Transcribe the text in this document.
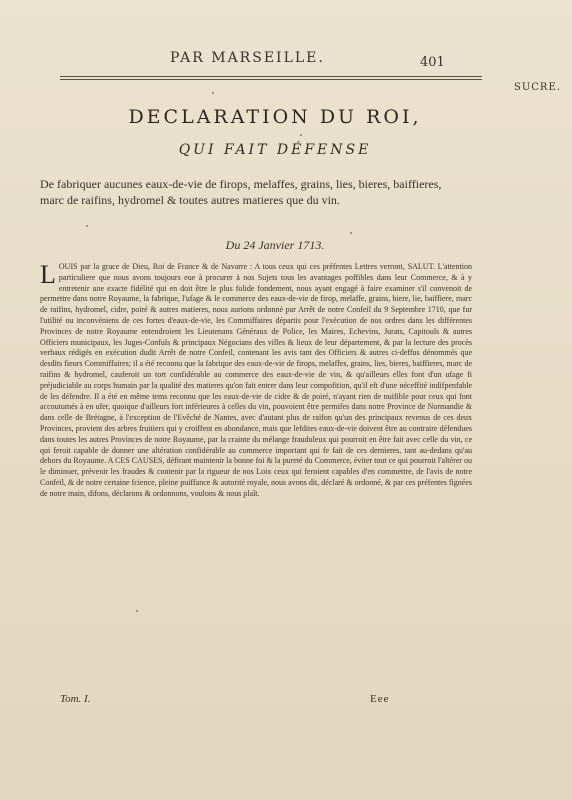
PAR MARSEILLE.	401
SUCRE.
DECLARATION DU ROI,
QUI FAIT DÉFENSE
De fabriquer aucunes eaux-de-vie de firops, melaffes, grains, lies, bieres, baiffieres, marc de raifins, hydromel & toutes autres matieres que du vin.
Du 24 Janvier 1713.
L OUIS par la grace de Dieu, Roi de France & de Navarre : A tous ceux qui ces préfentes Lettres verront, SALUT. L'attention particuliere que nous avons toujours eue à procurer à nos Sujets tous les avantages poffibles dans leur Commerce, & à y entretenir une exacte fidélité qui en doit être le plus folide fondement, nous ayant engagé à faire examiner s'il convenoit de permettre dans notre Royaume, la fabrique, l'ufage & le commerce des eaux-de-vie de firop, melaffe, grains, biere, lie, baiffiere, marc de raifins, hydromel, cidre, poiré & autres matieres, nous aurions ordonné par Arrêt de notre Confeil du 9 Septembre 1710, que fur l'utilité ou inconvéniens de ces fortes d'eaux-de-vie, les Commiffaires départis pour l'exécution de nos ordres dans les différentes Provinces de notre Royaume entendroient les Lieutenans Généraux de Police, les Maires, Echevins, Jurats, Capitouls & autres Officiers municipaux, les Juges-Confuls & principaux Négocians des villes & lieux de leur département, & par la lecture des procès verbaux rédigés en exécution dudit Arrêt de notre Confeil, contenant les avis tant des Officiers & autres ci-deffus dénommés que desdits fieurs Commiffaires; il a été reconnu que la fabrique des eaux-de-vie de firops, melaffes, grains, lies, bieres, baiffieres, marc de raifins & hydromel, cauferoit un tort confidérable au commerce des eaux-de-vie de vin, & qu'ailleurs elles font d'un ufage fi préjudiciable au corps humain par la qualité des matieres qu'on fait entrer dans leur compofition, qu'il eft d'une néceffité indifpenfable de les défendre. Il a été en même tems reconnu que les eaux-de-vie de cidre & de poiré, n'ayant rien de nuifible pour ceux qui font accoutumés à en ufer, quoique d'ailleurs fort inférieures à celles du vin, pouvoient être permifes dans notre Province de Normandie & dans celle de Brétagne, à l'exception de l'Evêché de Nantes, avec d'autant plus de raifon qu'un des principaux revenus de ces deux Provinces, provient des arbres fruitiers qui y croiffent en abondance, mais que lefdites eaux-de-vie doivent être au contraire défendues dans toutes les autres Provinces de notre Royaume, par la crainte du mélange frauduleux qui pourroit en être fait avec celle du vin, ce qui feroit capable de donner une altération confidérable au commerce important qui fe fait de ces dernieres, tant au-dedans qu'au dehors du Royaume. A CES CAUSES, défirant maintenir la bonne foi & la pureté du Commerce, éviter tout ce qui pourroit l'altérer ou le diminuer, prévenir les fraudes & contenir par la rigueur de nos Loix ceux qui feroient capables d'en commettre, de l'avis de notre Confeil, & de notre certaine fcience, pleine puiffance & autorité royale, nous avons dit, déclaré & ordonné, & par ces préfentes fignées de notre main, difons, déclarons & ordonnons, voulons & nous plaît.
Tom. I.	Eee
